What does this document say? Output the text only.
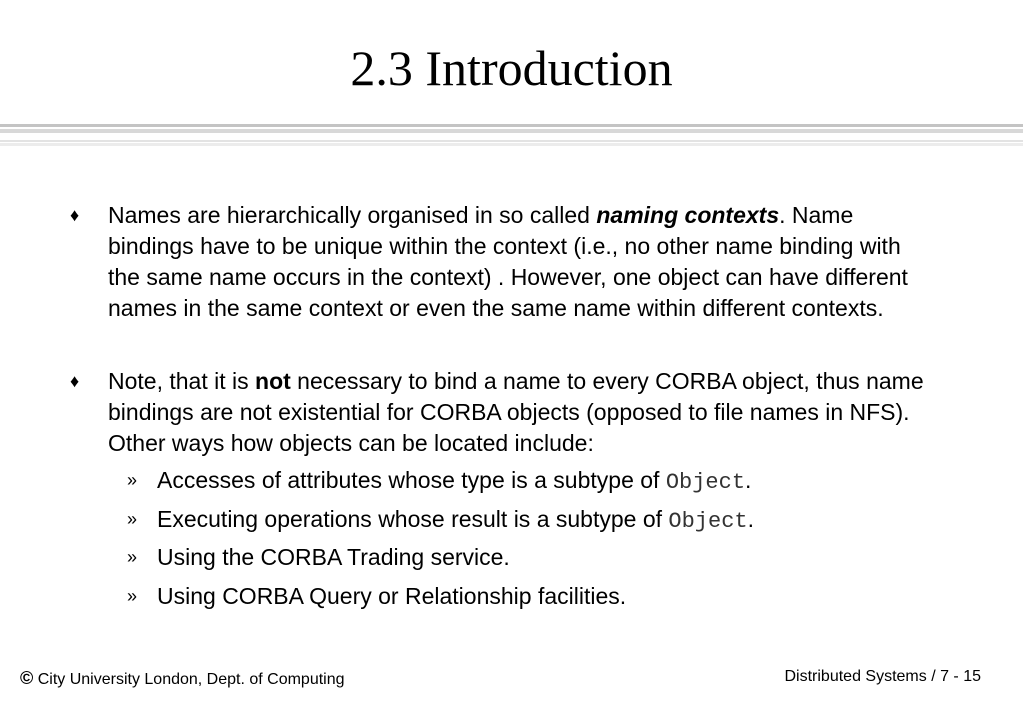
2.3 Introduction
♦ Names are hierarchically organised in so called naming contexts. Name bindings have to be unique within the context (i.e., no other name binding with the same name occurs in the context) . However, one object can have different names in the same context or even the same name within different contexts.
♦ Note, that it is not necessary to bind a name to every CORBA object, thus name bindings are not existential for CORBA objects (opposed to file names in NFS). Other ways how objects can be located include:
» Accesses of attributes whose type is a subtype of Object.
» Executing operations whose result is a subtype of Object.
» Using the CORBA Trading service.
» Using CORBA Query or Relationship facilities.
© City University London, Dept. of Computing	Distributed Systems / 7 - 15
